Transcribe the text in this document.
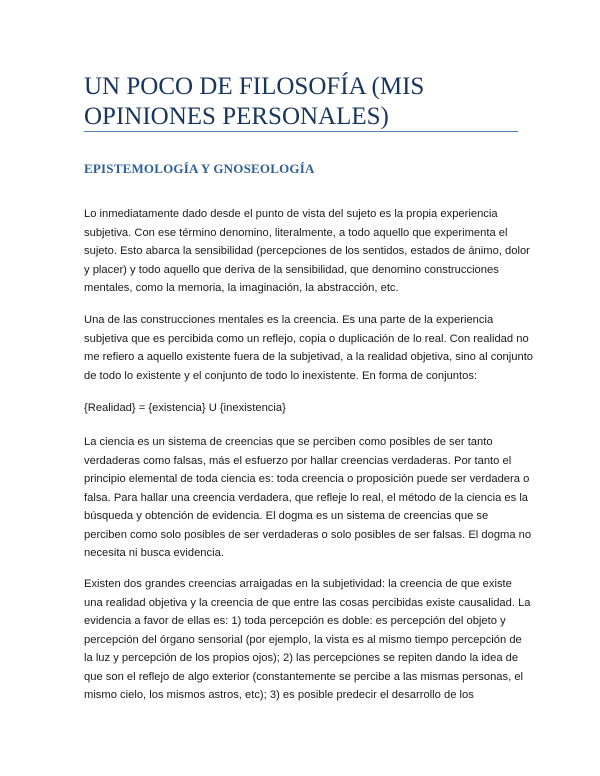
UN POCO DE FILOSOFÍA (MIS
OPINIONES PERSONALES)
EPISTEMOLOGÍA Y GNOSEOLOGÍA
Lo inmediatamente dado desde el punto de vista del sujeto es la propia experiencia
subjetiva. Con ese término denomino, literalmente, a todo aquello que experimenta el
sujeto. Esto abarca la sensibilidad (percepciones de los sentidos, estados de ánimo, dolor
y placer) y todo aquello que deriva de la sensibilidad, que denomino construcciones
mentales, como la memoria, la imaginación, la abstracción, etc.
Una de las construcciones mentales es la creencia. Es una parte de la experiencia
subjetiva que es percibida como un reflejo, copia o duplicación de lo real. Con realidad no
me refiero a aquello existente fuera de la subjetivad, a la realidad objetiva, sino al conjunto
de todo lo existente y el conjunto de todo lo inexistente. En forma de conjuntos:
{Realidad} = {existencia} U {inexistencia}
La ciencia es un sistema de creencias que se perciben como posibles de ser tanto
verdaderas como falsas, más el esfuerzo por hallar creencias verdaderas. Por tanto el
principio elemental de toda ciencia es: toda creencia o proposición puede ser verdadera o
falsa. Para hallar una creencia verdadera, que refleje lo real, el método de la ciencia es la
búsqueda y obtención de evidencia. El dogma es un sistema de creencias que se
perciben como solo posibles de ser verdaderas o solo posibles de ser falsas. El dogma no
necesita ni busca evidencia.
Existen dos grandes creencias arraigadas en la subjetividad: la creencia de que existe
una realidad objetiva y la creencia de que entre las cosas percibidas existe causalidad. La
evidencia a favor de ellas es: 1) toda percepción es doble: es percepción del objeto y
percepción del órgano sensorial (por ejemplo, la vista es al mismo tiempo percepción de
la luz y percepción de los propios ojos); 2) las percepciones se repiten dando la idea de
que son el reflejo de algo exterior (constantemente se percibe a las mismas personas, el
mismo cielo, los mismos astros, etc); 3) es posible predecir el desarrollo de los
